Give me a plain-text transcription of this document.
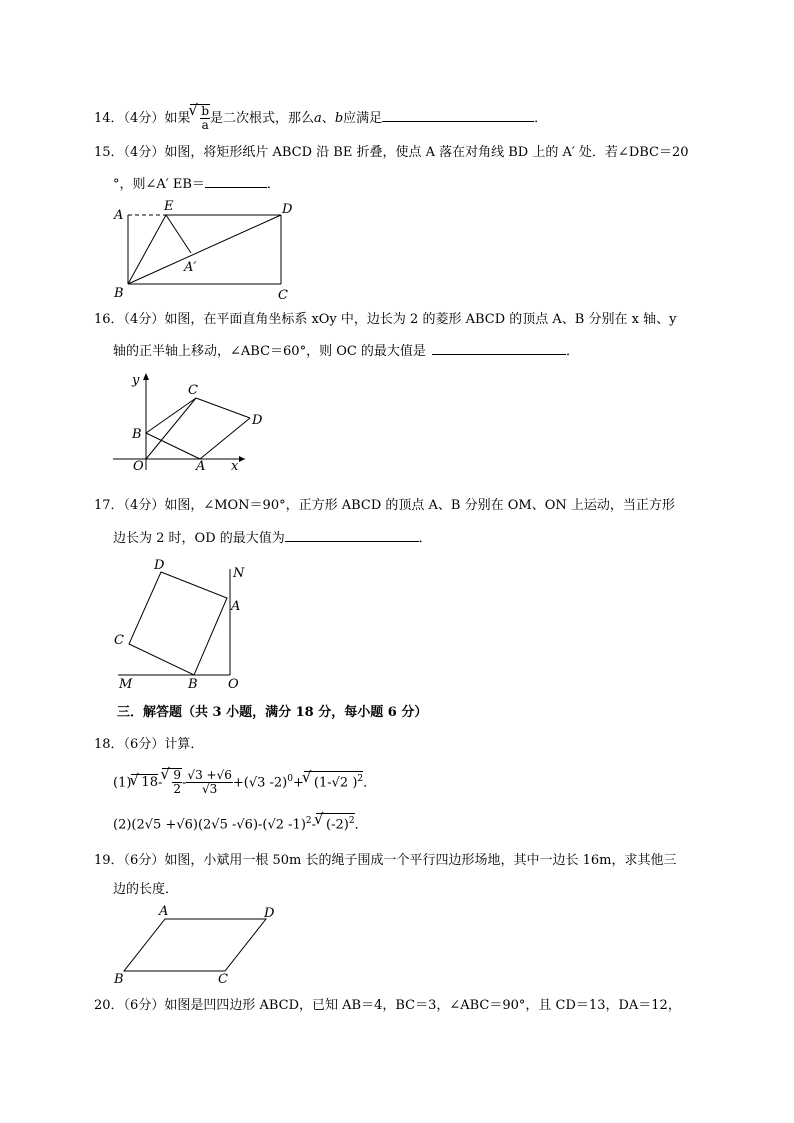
14．（4分）如果 √ $\frac{b}{a}$ 是二次根式，那么a、b应满足	．
15．（4分）如图，将矩形纸片 ABCD 沿 BE 折叠，使点 A 落在对角线 BD 上的 A′ 处．若∠DBC＝20
°，则∠A′ EB＝	．
A
E	D
A′
B	C
16．（4分）如图，在平面直角坐标系 xOy 中，边长为 2 的菱形 ABCD 的顶点 A、B 分别在 x 轴、y
轴的正半轴上移动，∠ABC＝60°，则 OC 的最大值是	．
y
x
O	A
B
C
D
17．（4分）如图，∠MON＝90°，正方形 ABCD 的顶点 A、B 分别在 OM、ON 上运动，当正方形
边长为 2 时，OD 的最大值为	．
D
N
A
C
M	B O
三．解答题（共 3 小题，满分 18 分，每小题 6 分）
18．（6分）计算．
(1) √ 18- √ $\frac{9}{2} - \frac{√3 +√6}{√3} +(√3$ -2)$^0$+ √ (1-√2 )$^2$．
(2)(2√5 +√6)(2√5 -√6)-(√2 -1)$^2$- √ $(-2)^2$．
19．（6分）如图，小斌用一根 50m 长的绳子围成一个平行四边形场地，其中一边长 16m，求其他三
边的长度．
A	D
B	C
20．（6分）如图是凹四边形 ABCD，已知 AB＝4，BC＝3，∠ABC＝90°，且 CD＝13，DA＝12，
